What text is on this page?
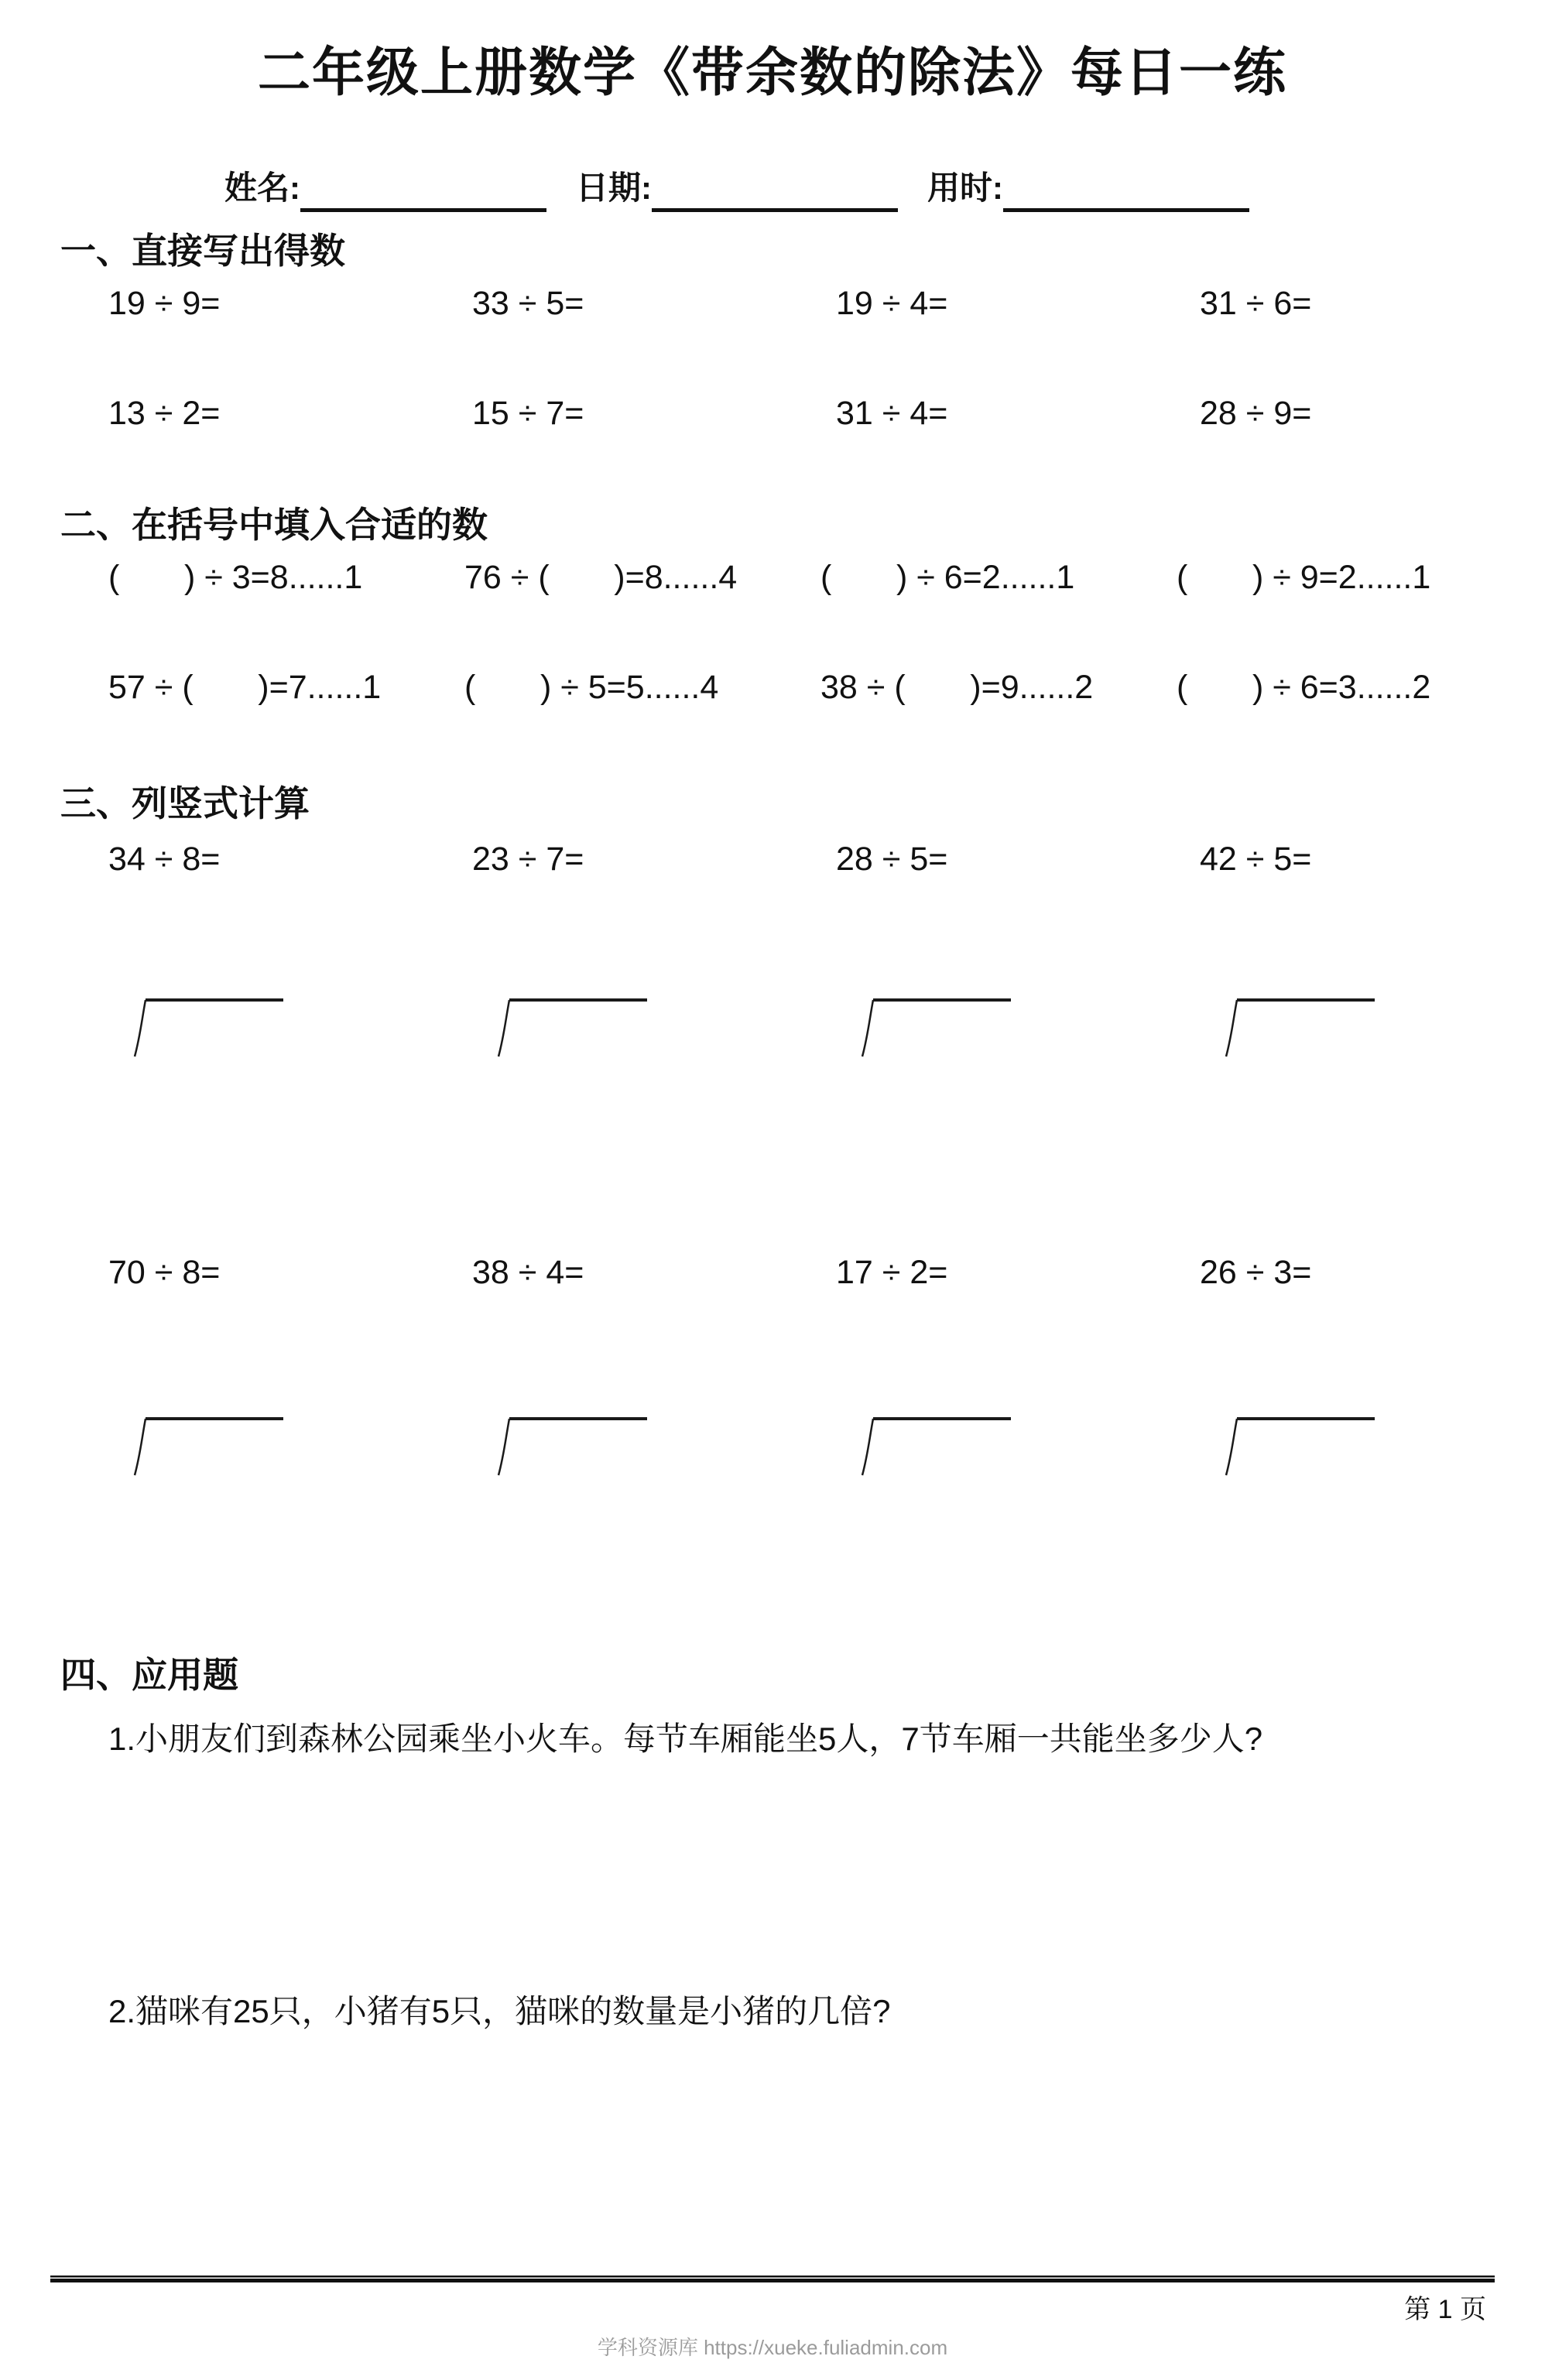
二年级上册数学《带余数的除法》每日一练
姓名:	日期:	用时:
一、直接写出得数
19 ÷ 9=	33 ÷ 5=	19 ÷ 4=	31 ÷ 6=
13 ÷ 2=	15 ÷ 7=	31 ÷ 4=	28 ÷ 9=
二、在括号中填入合适的数
(       ) ÷ 3=8......1	76 ÷ (       )=8......4	(       ) ÷ 6=2......1	(       ) ÷ 9=2......1
57 ÷ (       )=7......1	(       ) ÷ 5=5......4	38 ÷ (       )=9......2	(       ) ÷ 6=3......2
三、列竖式计算
34 ÷ 8=	23 ÷ 7=	28 ÷ 5=	42 ÷ 5=
70 ÷ 8=	38 ÷ 4=	17 ÷ 2=	26 ÷ 3=
四、应用题
1.小朋友们到森林公园乘坐小火车。每节车厢能坐5人，7节车厢一共能坐多少人?
2.猫咪有25只，小猪有5只，猫咪的数量是小猪的几倍?
第 1 页
学科资源库 https://xueke.fuliadmin.com
